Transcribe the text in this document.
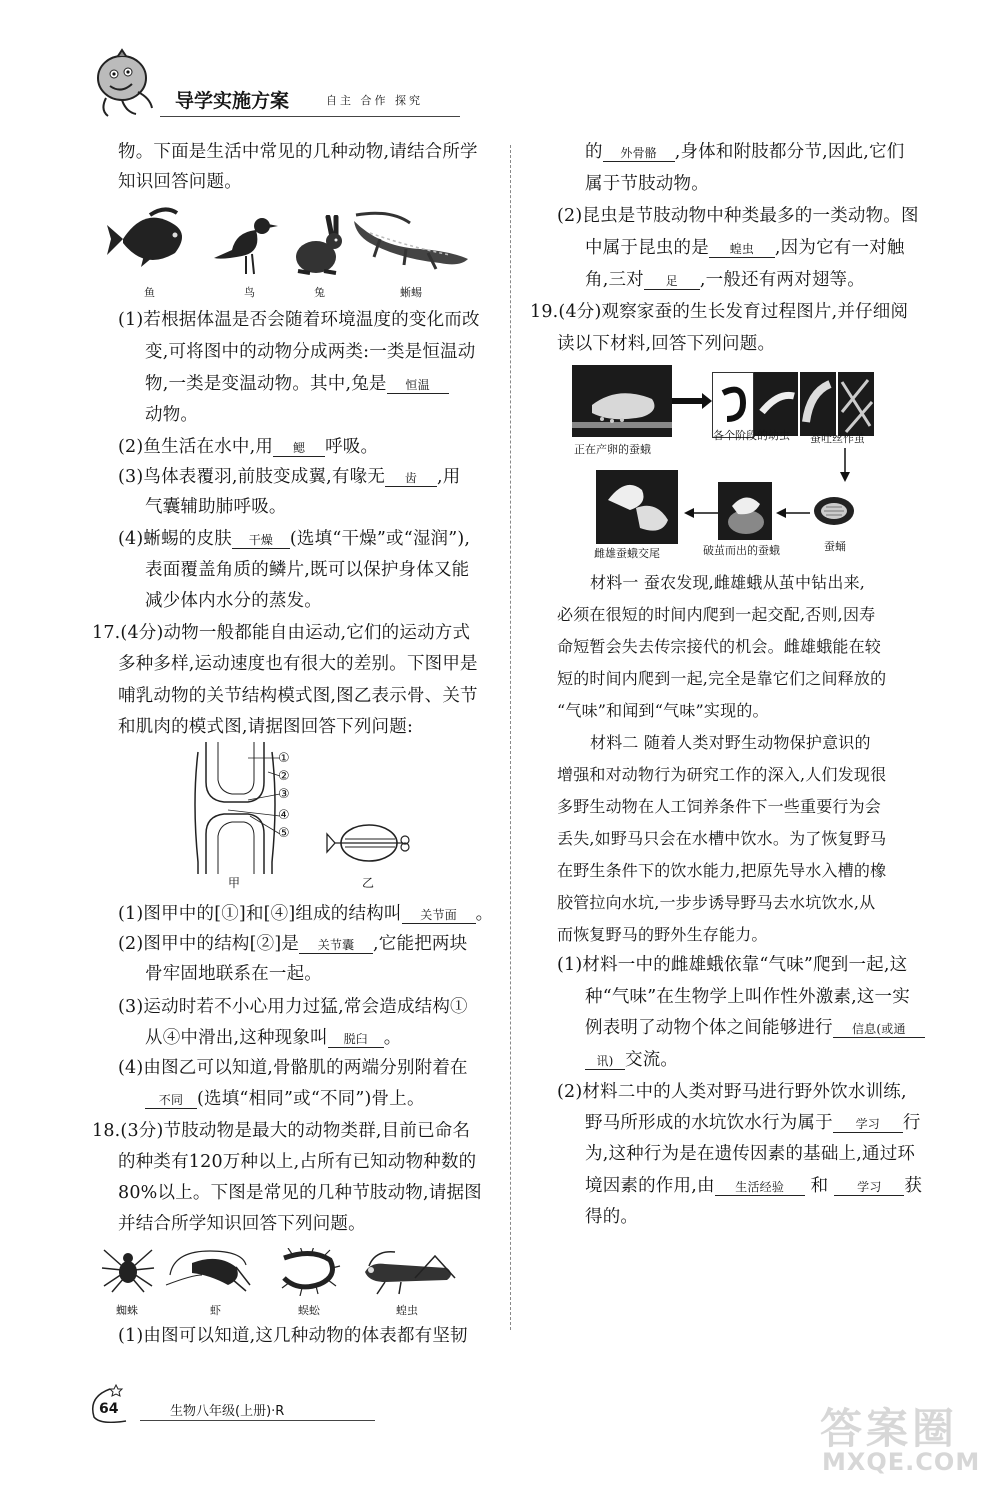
导学实施方案	自主 合作 探究
物。下面是生活中常见的几种动物,请结合所学
知识回答问题。
鱼	鸟	兔	蜥蜴
(1)若根据体温是否会随着环境温度的变化而改
变,可将图中的动物分成两类:一类是恒温动
物,一类是变温动物。其中,兔是 恒温
动物。
(2)鱼生活在水中,用 鳃 呼吸。
(3)鸟体表覆羽,前肢变成翼,有喙无 齿 ,用
气囊辅助肺呼吸。
(4)蜥蜴的皮肤 干燥 (选填“干燥”或“湿润”),
表面覆盖角质的鳞片,既可以保护身体又能
减少体内水分的蒸发。
17.(4分)动物一般都能自由运动,它们的运动方式
多种多样,运动速度也有很大的差别。下图甲是
哺乳动物的关节结构模式图,图乙表示骨、关节
和肌肉的模式图,请据图回答下列问题:
①
②
③
④
⑤
甲	乙
(1)图甲中的[①]和[④]组成的结构叫 关节面 。
(2)图甲中的结构[②]是 关节囊 ,它能把两块
骨牢固地联系在一起。
(3)运动时若不小心用力过猛,常会造成结构①
从④中滑出,这种现象叫 脱臼 。
(4)由图乙可以知道,骨骼肌的两端分别附着在
不同 (选填“相同”或“不同”)骨上。
18.(3分)节肢动物是最大的动物类群,目前已命名
的种类有120万种以上,占所有已知动物种数的
80%以上。下图是常见的几种节肢动物,请据图
并结合所学知识回答下列问题。
蜘蛛	虾	蜈蚣	蝗虫
(1)由图可以知道,这几种动物的体表都有坚韧
的 外骨骼 ,身体和附肢都分节,因此,它们
属于节肢动物。
(2)昆虫是节肢动物中种类最多的一类动物。图
中属于昆虫的是 蝗虫 ,因为它有一对触
角,三对 足 ,一般还有两对翅等。
19.(4分)观察家蚕的生长发育过程图片,并仔细阅
读以下材料,回答下列问题。
正在产卵的蚕蛾
各个阶段的幼虫 蚕吐丝作茧
雌雄蚕蛾交尾	破茧而出的蚕蛾	蚕蛹
材料一 蚕农发现,雌雄蛾从茧中钻出来,
必须在很短的时间内爬到一起交配,否则,因寿
命短暂会失去传宗接代的机会。雌雄蛾能在较
短的时间内爬到一起,完全是靠它们之间释放的
“气味”和闻到“气味”实现的。
材料二 随着人类对野生动物保护意识的
增强和对动物行为研究工作的深入,人们发现很
多野生动物在人工饲养条件下一些重要行为会
丢失,如野马只会在水槽中饮水。为了恢复野马
在野生条件下的饮水能力,把原先导水入槽的橡
胶管拉向水坑,一步步诱导野马去水坑饮水,从
而恢复野马的野外生存能力。
(1)材料一中的雌雄蛾依靠“气味”爬到一起,这
种“气味”在生物学上叫作性外激素,这一实
例表明了动物个体之间能够进行 信息(或通
讯) 交流。
(2)材料二中的人类对野马进行野外饮水训练,
野马所形成的水坑饮水行为属于 学习 行
为,这种行为是在遗传因素的基础上,通过环
境因素的作用,由 生活经验 和 学习 获
得的。
64	生物八年级(上册)·R	答案圈
MXQE.COM
